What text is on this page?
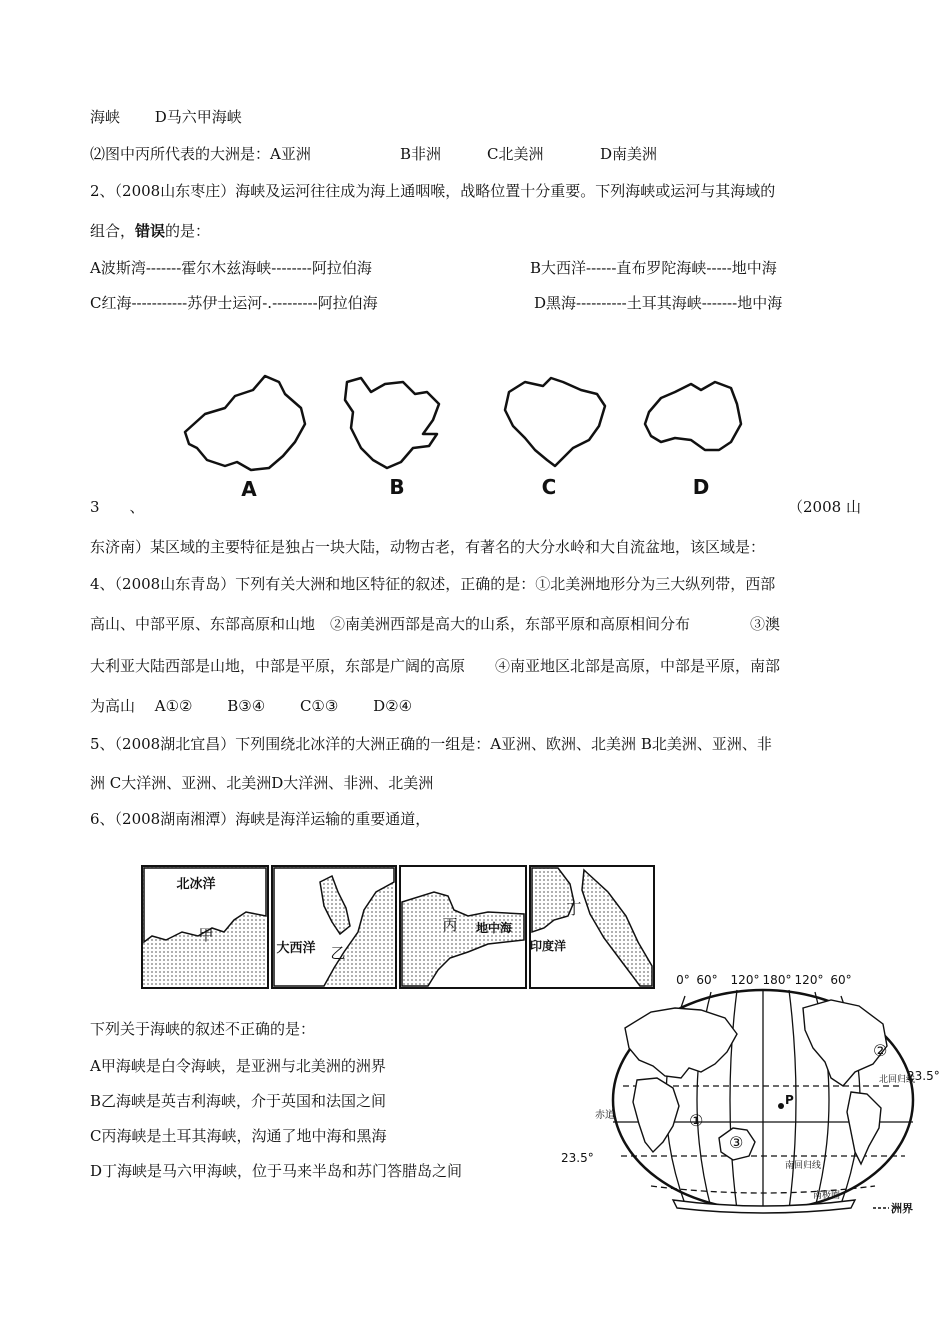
海峡　　 D马六甲海峡
⑵图中丙所代表的大洲是：A亚洲	B非洲	C北美洲	D南美洲
2、（2008山东枣庄）海峡及运河往往成为海上通咽喉，战略位置十分重要。下列海峡或运河与其海域的
组合，错误的是：
A波斯湾-------霍尔木兹海峡--------阿拉伯海	B大西洋------直布罗陀海峡-----地中海
C红海-----------苏伊士运河-.---------阿拉伯海	D黑海----------土耳其海峡-------地中海
A	B	C	D
3　　、	（2008 山
东济南）某区域的主要特征是独占一块大陆，动物古老，有著名的大分水岭和大自流盆地，该区域是：
4、（2008山东青岛）下列有关大洲和地区特征的叙述，正确的是：①北美洲地形分为三大纵列带，西部
高山、中部平原、东部高原和山地　②南美洲西部是高大的山系，东部平原和高原相间分布　　　　③澳
大利亚大陆西部是山地，中部是平原，东部是广阔的高原　　④南亚地区北部是高原，中部是平原，南部
为高山　 A①②　　 B③④　　 C①③　　 D②④
5、（2008湖北宜昌）下列围绕北冰洋的大洲正确的一组是：A亚洲、欧洲、北美洲 B北美洲、亚洲、非
洲 C大洋洲、亚洲、北美洲D大洋洲、非洲、北美洲
6、（2008湖南湘潭）海峡是海洋运输的重要通道，
北冰洋
甲
大西洋 乙
丙 地中海
丁
印度洋
下列关于海峡的叙述不正确的是：
A甲海峡是白令海峡，是亚洲与北美洲的洲界
B乙海峡是英吉利海峡，介于英国和法国之间
C丙海峡是土耳其海峡，沟通了地中海和黑海
D丁海峡是马六甲海峡，位于马来半岛和苏门答腊岛之间
0° 60° 120° 180° 120° 60°
P
①
②
③
23.5°
23.5°
赤道
北回归线
南回归线
南极圈
洲界
